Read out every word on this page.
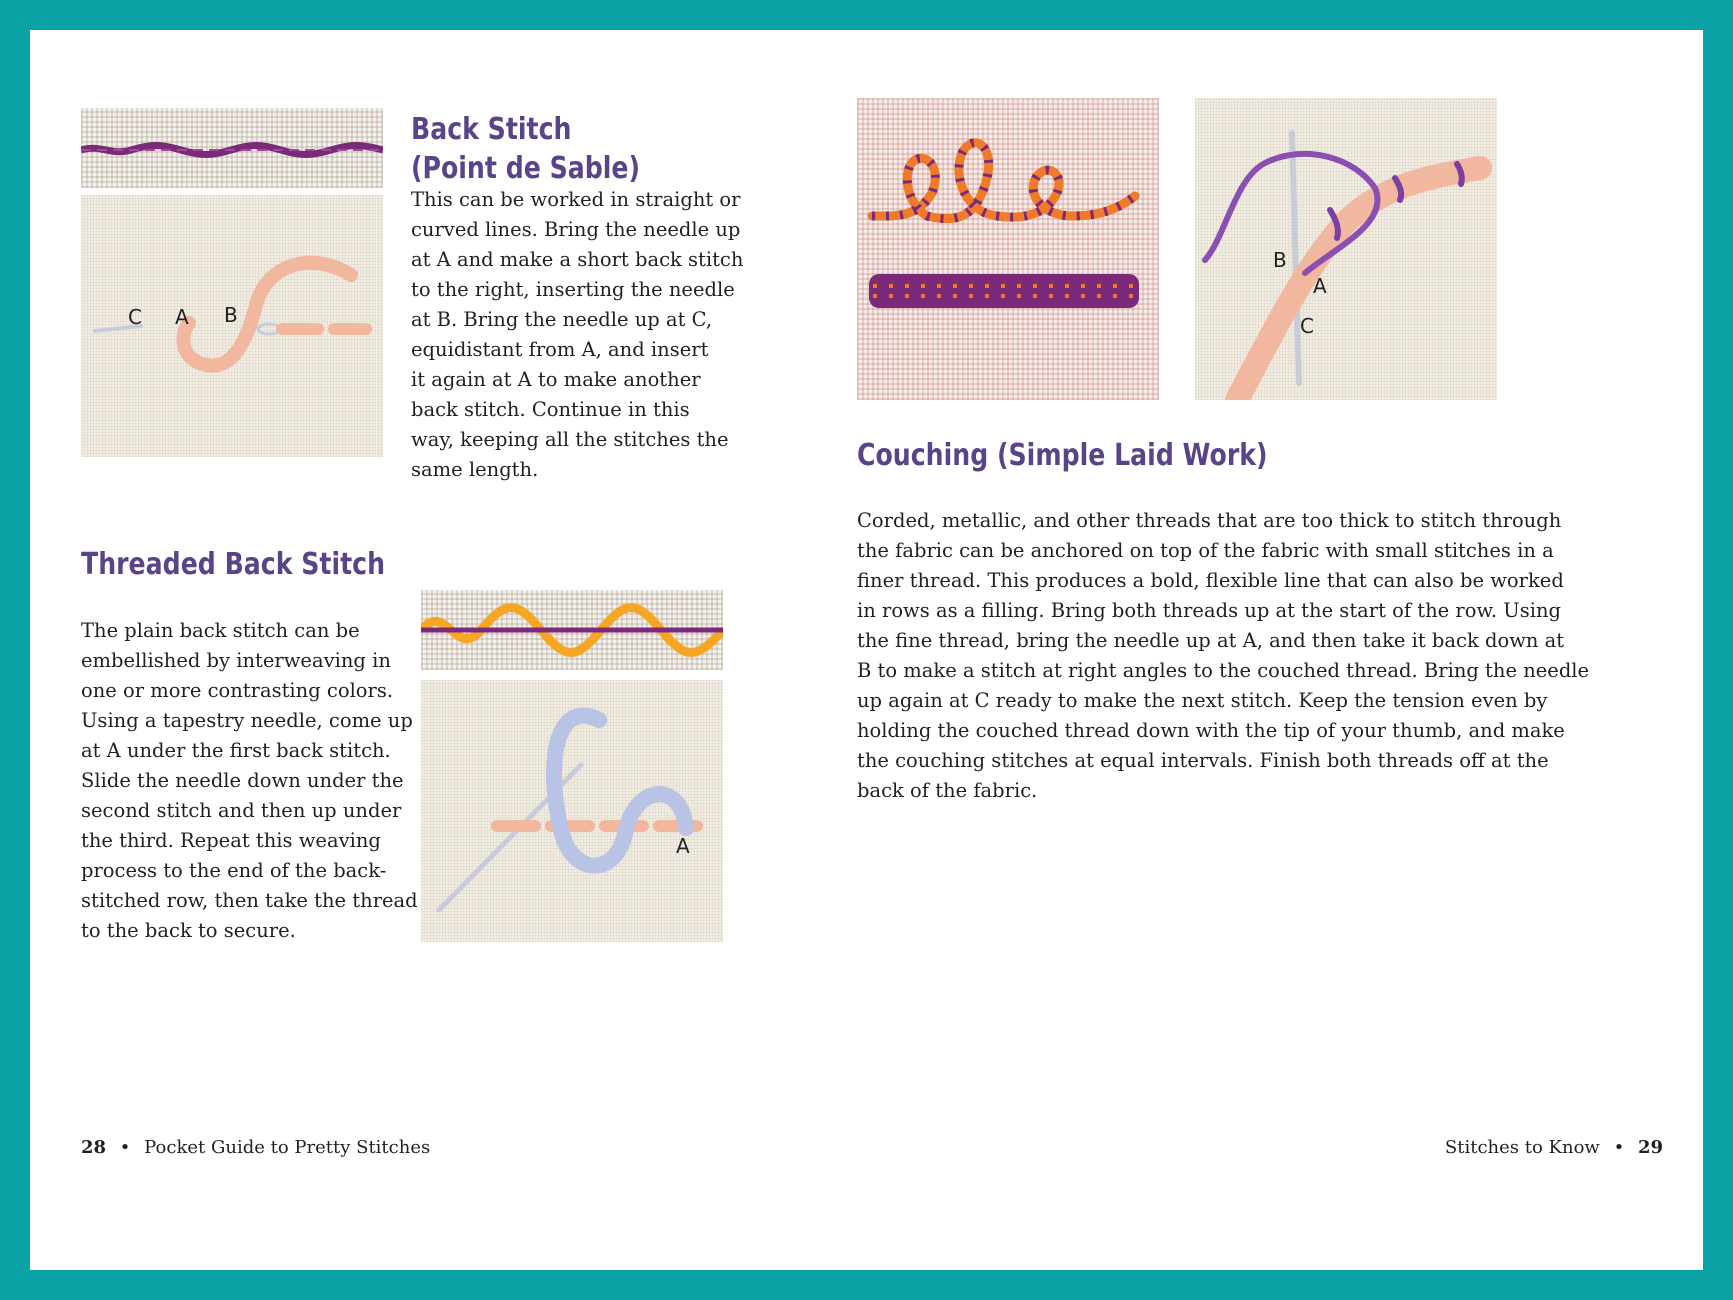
C A B
Back Stitch
(Point de Sable)
This can be worked in straight or
curved lines. Bring the needle up
at A and make a short back stitch
to the right, inserting the needle
at B. Bring the needle up at C,
equidistant from A, and insert
it again at A to make another
back stitch. Continue in this
way, keeping all the stitches the
same length.
Threaded Back Stitch
The plain back stitch can be
embellished by interweaving in
one or more contrasting colors.
Using a tapestry needle, come up
at A under the first back stitch.
Slide the needle down under the
second stitch and then up under
the third. Repeat this weaving
process to the end of the back-
stitched row, then take the thread
to the back to secure.
A
B
A
C
Couching (Simple Laid Work)
Corded, metallic, and other threads that are too thick to stitch through
the fabric can be anchored on top of the fabric with small stitches in a
finer thread. This produces a bold, flexible line that can also be worked
in rows as a filling. Bring both threads up at the start of the row. Using
the fine thread, bring the needle up at A, and then take it back down at
B to make a stitch at right angles to the couched thread. Bring the needle
up again at C ready to make the next stitch. Keep the tension even by
holding the couched thread down with the tip of your thumb, and make
the couching stitches at equal intervals. Finish both threads off at the
back of the fabric.
28 • Pocket Guide to Pretty Stitches	Stitches to Know • 29
